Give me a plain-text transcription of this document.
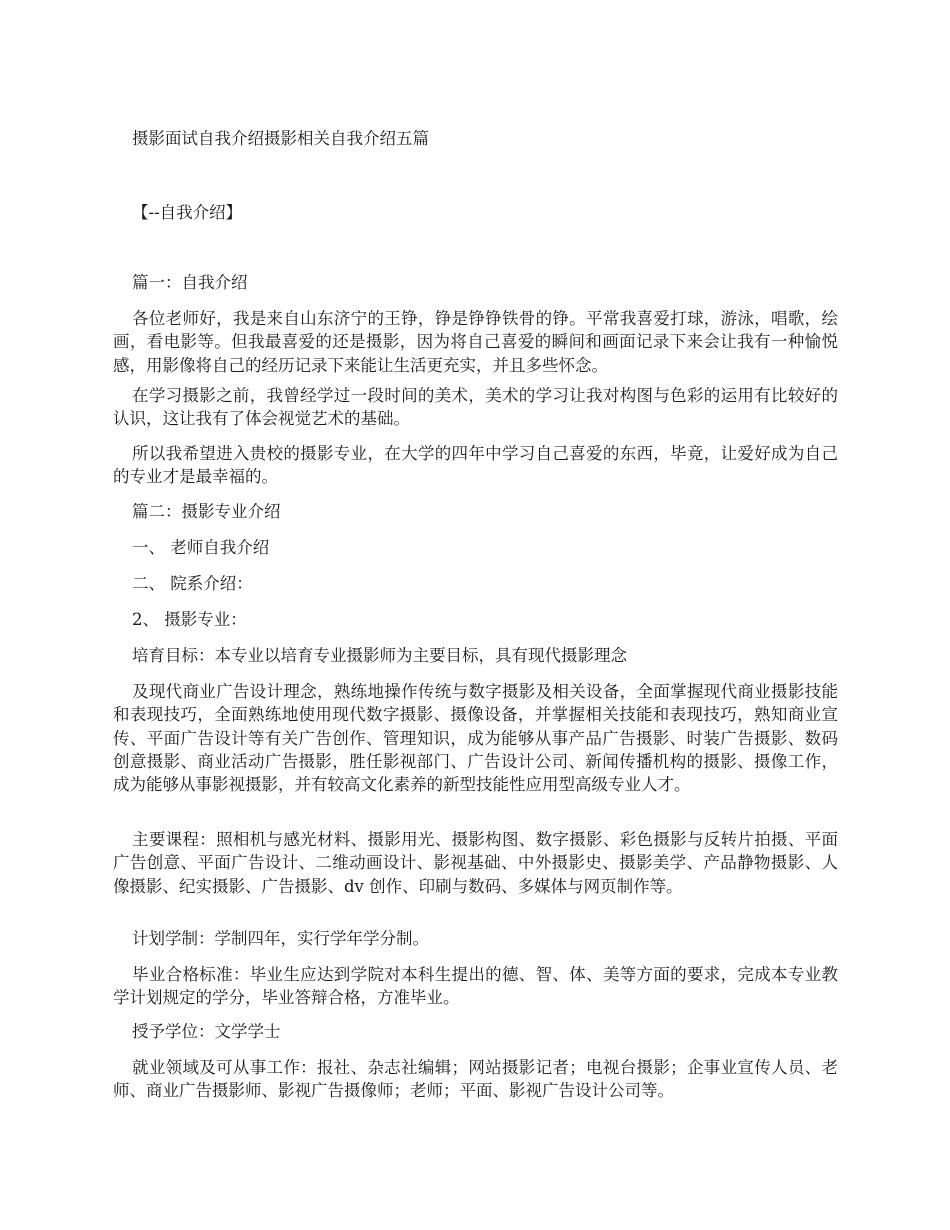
摄影面试自我介绍摄影相关自我介绍五篇

【--自我介绍】

篇一：自我介绍

各位老师好，我是来自山东济宁的王铮，铮是铮铮铁骨的铮。平常我喜爱打球，游泳，唱歌，绘画，看电影等。但我最喜爱的还是摄影，因为将自己喜爱的瞬间和画面记录下来会让我有一种愉悦感，用影像将自己的经历记录下来能让生活更充实，并且多些怀念。

在学习摄影之前，我曾经学过一段时间的美术，美术的学习让我对构图与色彩的运用有比较好的认识，这让我有了体会视觉艺术的基础。

所以我希望进入贵校的摄影专业，在大学的四年中学习自己喜爱的东西，毕竟，让爱好成为自己的专业才是最幸福的。

篇二：摄影专业介绍

一、 老师自我介绍

二、 院系介绍：

2、 摄影专业：

培育目标：本专业以培育专业摄影师为主要目标，具有现代摄影理念

及现代商业广告设计理念，熟练地操作传统与数字摄影及相关设备，全面掌握现代商业摄影技能和表现技巧，全面熟练地使用现代数字摄影、摄像设备，并掌握相关技能和表现技巧，熟知商业宣传、平面广告设计等有关广告创作、管理知识，成为能够从事产品广告摄影、时装广告摄影、数码创意摄影、商业活动广告摄影，胜任影视部门、广告设计公司、新闻传播机构的摄影、摄像工作，成为能够从事影视摄影，并有较高文化素养的新型技能性应用型高级专业人才。

主要课程：照相机与感光材料、摄影用光、摄影构图、数字摄影、彩色摄影与反转片拍摄、平面广告创意、平面广告设计、二维动画设计、影视基础、中外摄影史、摄影美学、产品静物摄影、人像摄影、纪实摄影、广告摄影、dv 创作、印刷与数码、多媒体与网页制作等。

计划学制：学制四年，实行学年学分制。

毕业合格标准：毕业生应达到学院对本科生提出的德、智、体、美等方面的要求，完成本专业教学计划规定的学分，毕业答辩合格，方准毕业。

授予学位：文学学士

就业领域及可从事工作：报社、杂志社编辑；网站摄影记者；电视台摄影；企事业宣传人员、老师、商业广告摄影师、影视广告摄像师；老师；平面、影视广告设计公司等。
